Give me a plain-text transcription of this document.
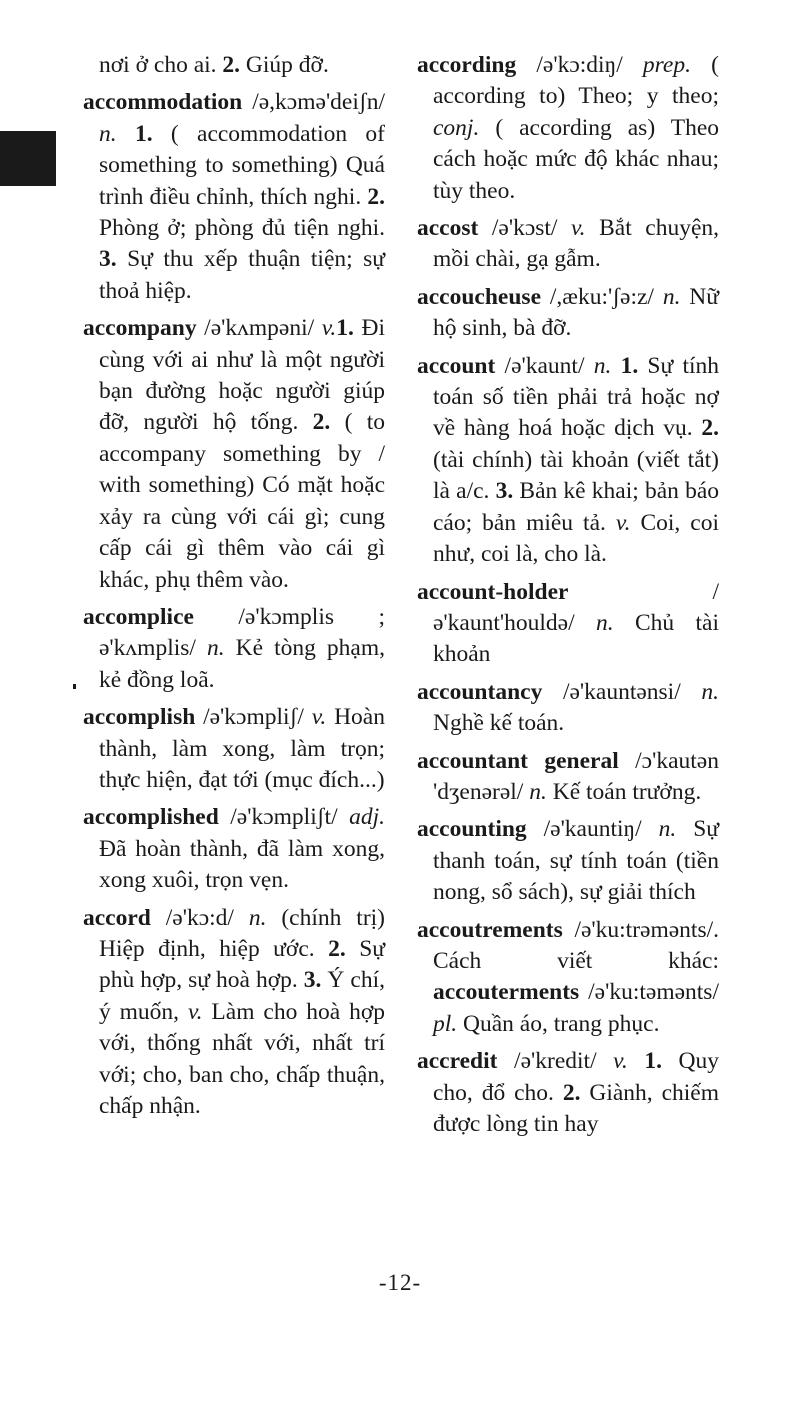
nơi ở cho ai. 2. Giúp đỡ.
accommodation /ə,kɔmə'deiʃn/ n. 1. ( accommodation of something to something) Quá trình điều chỉnh, thích nghi. 2. Phòng ở; phòng đủ tiện nghi. 3. Sự thu xếp thuận tiện; sự thoả hiệp.
accompany /ə'kʌmpəni/ v.1. Đi cùng với ai như là một người bạn đường hoặc người giúp đỡ, người hộ tống. 2. ( to accompany something by / with something) Có mặt hoặc xảy ra cùng với cái gì; cung cấp cái gì thêm vào cái gì khác, phụ thêm vào.
accomplice /ə'kɔmplis ; ə'kʌmplis/ n. Kẻ tòng phạm, kẻ đồng loã.
accomplish /ə'kɔmpliʃ/ v. Hoàn thành, làm xong, làm trọn; thực hiện, đạt tới (mục đích...)
accomplished /ə'kɔmpliʃt/ adj. Đã hoàn thành, đã làm xong, xong xuôi, trọn vẹn.
accord /ə'kɔ:d/ n. (chính trị) Hiệp định, hiệp ước. 2. Sự phù hợp, sự hoà hợp. 3. Ý chí, ý muốn, v. Làm cho hoà hợp với, thống nhất với, nhất trí với; cho, ban cho, chấp thuận, chấp nhận.
according /ə'kɔ:diŋ/ prep. ( according to) Theo; y theo; conj. ( according as) Theo cách hoặc mức độ khác nhau; tùy theo.
accost /ə'kɔst/ v. Bắt chuyện, mồi chài, gạ gẫm.
accoucheuse /,æku:'ʃə:z/ n. Nữ hộ sinh, bà đỡ.
account /ə'kaunt/ n. 1. Sự tính toán số tiền phải trả hoặc nợ về hàng hoá hoặc dịch vụ. 2. (tài chính) tài khoản (viết tắt) là a/c. 3. Bản kê khai; bản báo cáo; bản miêu tả. v. Coi, coi như, coi là, cho là.
account-holder /ə'kaunt'houldə/ n. Chủ tài khoản
accountancy /ə'kauntənsi/ n. Nghề kế toán.
accountant general /ɔ'kautən 'dʒenərəl/ n. Kế toán trưởng.
accounting /ə'kauntiŋ/ n. Sự thanh toán, sự tính toán (tiền nong, sổ sách), sự giải thích
accoutrements /ə'ku:trəmənts/. Cách viết khác: accouterments /ə'ku:təmənts/ pl. Quần áo, trang phục.
accredit /ə'kredit/ v. 1. Quy cho, đổ cho. 2. Giành, chiếm được lòng tin hay
-12-
